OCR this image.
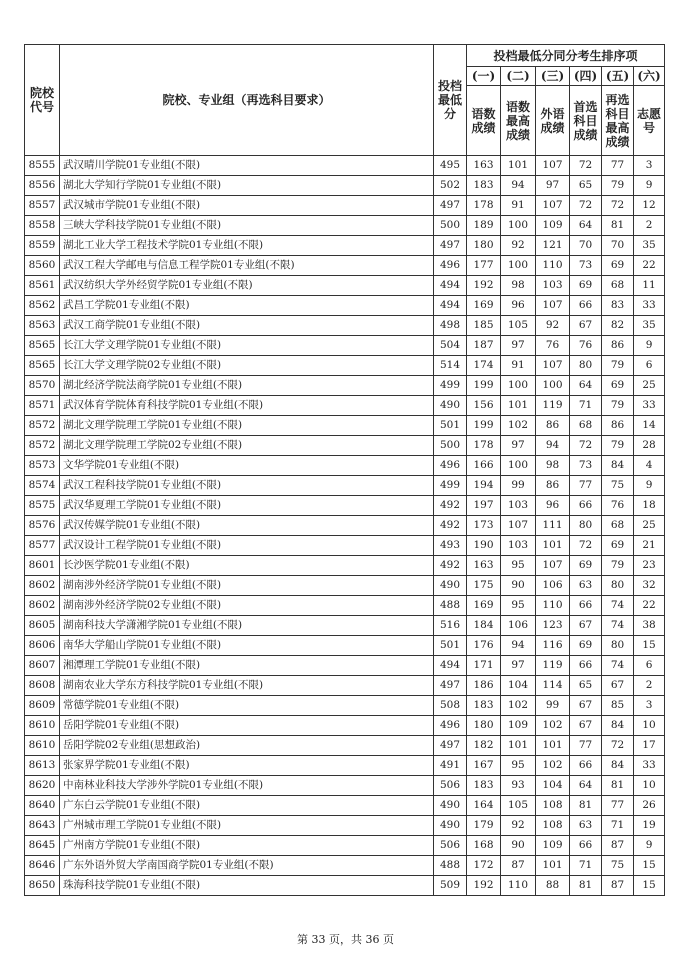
院校代号	院校、专业组（再选科目要求）	投档最低分	投档最低分同分考生排序项					
			(一)	(二)	(三)	(四)	(五)	(六)
			语数成绩	语数最高成绩	外语成绩	首选科目成绩	再选科目最高成绩	志愿号
8555	武汉晴川学院01专业组(不限)	495	163	101	107	72	77	3
8556	湖北大学知行学院01专业组(不限)	502	183	94	97	65	79	9
8557	武汉城市学院01专业组(不限)	497	178	91	107	72	72	12
8558	三峡大学科技学院01专业组(不限)	500	189	100	109	64	81	2
8559	湖北工业大学工程技术学院01专业组(不限)	497	180	92	121	70	70	35
8560	武汉工程大学邮电与信息工程学院01专业组(不限)	496	177	100	110	73	69	22
8561	武汉纺织大学外经贸学院01专业组(不限)	494	192	98	103	69	68	11
8562	武昌工学院01专业组(不限)	494	169	96	107	66	83	33
8563	武汉工商学院01专业组(不限)	498	185	105	92	67	82	35
8565	长江大学文理学院01专业组(不限)	504	187	97	76	76	86	9
8565	长江大学文理学院02专业组(不限)	514	174	91	107	80	79	6
8570	湖北经济学院法商学院01专业组(不限)	499	199	100	100	64	69	25
8571	武汉体育学院体育科技学院01专业组(不限)	490	156	101	119	71	79	33
8572	湖北文理学院理工学院01专业组(不限)	501	199	102	86	68	86	14
8572	湖北文理学院理工学院02专业组(不限)	500	178	97	94	72	79	28
8573	文华学院01专业组(不限)	496	166	100	98	73	84	4
8574	武汉工程科技学院01专业组(不限)	499	194	99	86	77	75	9
8575	武汉华夏理工学院01专业组(不限)	492	197	103	96	66	76	18
8576	武汉传媒学院01专业组(不限)	492	173	107	111	80	68	25
8577	武汉设计工程学院01专业组(不限)	493	190	103	101	72	69	21
8601	长沙医学院01专业组(不限)	492	163	95	107	69	79	23
8602	湖南涉外经济学院01专业组(不限)	490	175	90	106	63	80	32
8602	湖南涉外经济学院02专业组(不限)	488	169	95	110	66	74	22
8605	湖南科技大学潇湘学院01专业组(不限)	516	184	106	123	67	74	38
8606	南华大学船山学院01专业组(不限)	501	176	94	116	69	80	15
8607	湘潭理工学院01专业组(不限)	494	171	97	119	66	74	6
8608	湖南农业大学东方科技学院01专业组(不限)	497	186	104	114	65	67	2
8609	常德学院01专业组(不限)	508	183	102	99	67	85	3
8610	岳阳学院01专业组(不限)	496	180	109	102	67	84	10
8610	岳阳学院02专业组(思想政治)	497	182	101	101	77	72	17
8613	张家界学院01专业组(不限)	491	167	95	102	66	84	33
8620	中南林业科技大学涉外学院01专业组(不限)	506	183	93	104	64	81	10
8640	广东白云学院01专业组(不限)	490	164	105	108	81	77	26
8643	广州城市理工学院01专业组(不限)	490	179	92	108	63	71	19
8645	广州南方学院01专业组(不限)	506	168	90	109	66	87	9
8646	广东外语外贸大学南国商学院01专业组(不限)	488	172	87	101	71	75	15
8650	珠海科技学院01专业组(不限)	509	192	110	88	81	87	15
第 33 页，共 36 页
